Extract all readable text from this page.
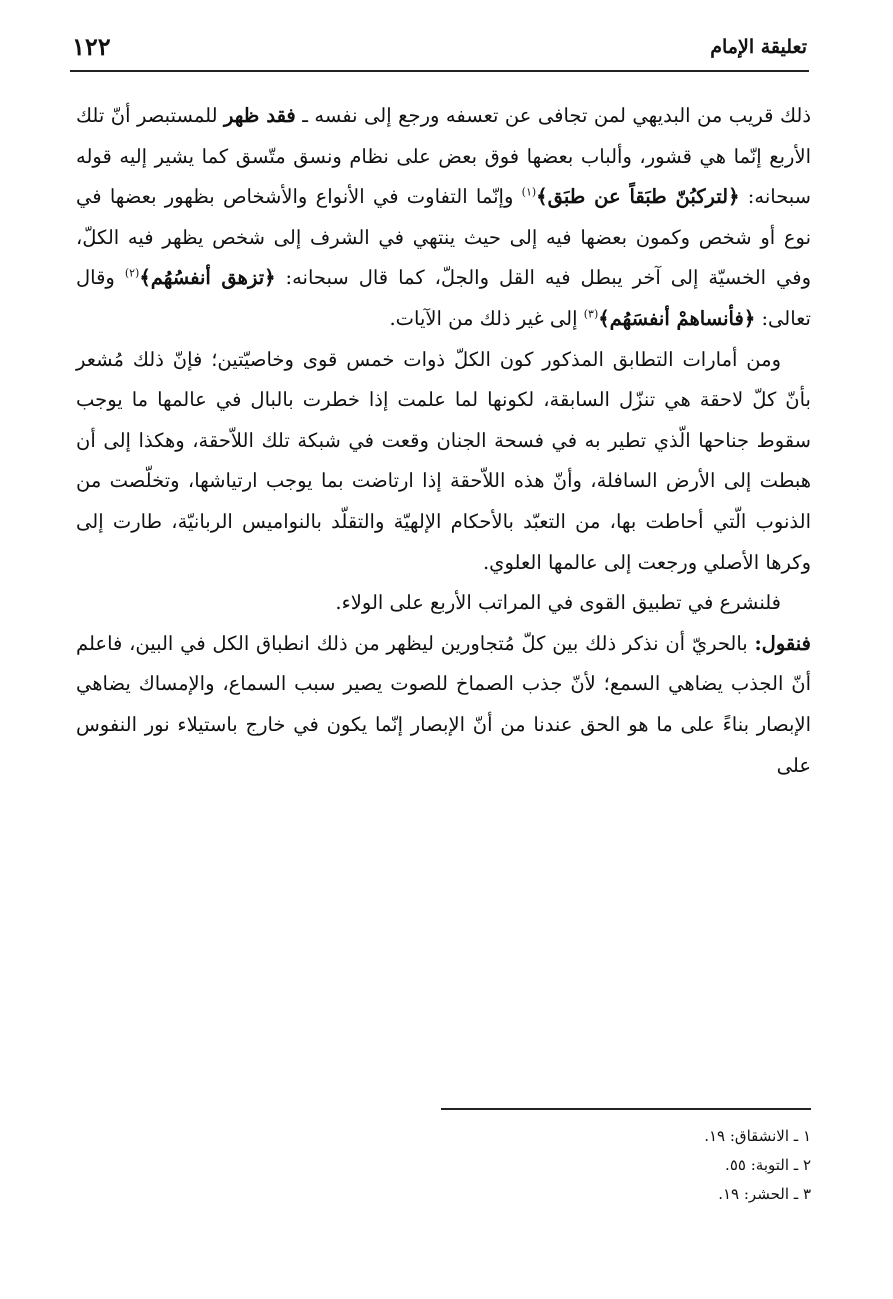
تعليقة الإمام
١٢٢

ذلك قريب من البديهي لمن تجافى عن تعسفه ورجع إلى نفسه ـ فقد ظهر للمستبصر أنّ تلك الأربع إنّما هي قشور، وألباب بعضها فوق بعض على نظام ونسق متّسق كما يشير إليه قوله سبحانه: ﴿لتركبُنّ طبَقاً عن طبَق﴾$^{(١)}$ وإنّما التفاوت في الأنواع والأشخاص بظهور بعضها في نوع أو شخص وكمون بعضها فيه إلى حيث ينتهي في الشرف إلى شخص يظهر فيه الكلّ، وفي الخسيّة إلى آخر يبطل فيه القل والجلّ، كما قال سبحانه: ﴿تزهق أنفسُهُم﴾$^{(٢)}$ وقال تعالى: ﴿فأنساهمْ أنفسَهُم﴾$^{(٣)}$ إلى غير ذلك من الآيات.

ومن أمارات التطابق المذكور كون الكلّ ذوات خمس قوى وخاصيّتين؛ فإنّ ذلك مُشعر بأنّ كلّ لاحقة هي تنزّل السابقة، لكونها لما علمت إذا خطرت بالبال في عالمها ما يوجب سقوط جناحها الّذي تطير به في فسحة الجنان وقعت في شبكة تلك اللاّحقة، وهكذا إلى أن هبطت إلى الأرض السافلة، وأنّ هذه اللاّحقة إذا ارتاضت بما يوجب ارتياشها، وتخلّصت من الذنوب الّتي أحاطت بها، من التعبّد بالأحكام الإلهيّة والتقلّد بالنواميس الربانيّة، طارت إلى وكرها الأصلي ورجعت إلى عالمها العلوي.

فلنشرع في تطبيق القوى في المراتب الأربع على الولاء.

فنقول: بالحريّ أن نذكر ذلك بين كلّ مُتجاورين ليظهر من ذلك انطباق الكل في البين، فاعلم أنّ الجذب يضاهي السمع؛ لأنّ جذب الصماخ للصوت يصير سبب السماع، والإمساك يضاهي الإبصار بناءً على ما هو الحق عندنا من أنّ الإبصار إنّما يكون في خارج باستيلاء نور النفوس على

١ ـ الانشقاق: ١٩.
٢ ـ التوبة: ٥٥.
٣ ـ الحشر: ١٩.
